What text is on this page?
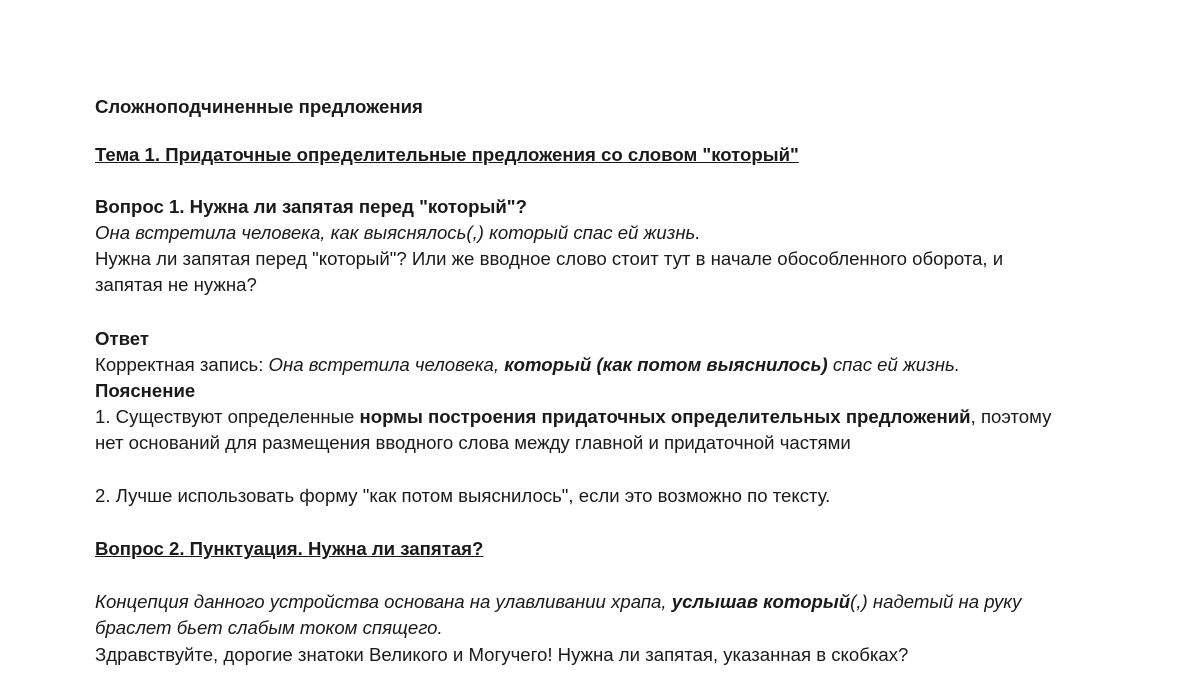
Сложноподчиненные предложения
Тема 1. Придаточные определительные предложения со словом "который"
Вопрос 1. Нужна ли запятая перед "который"?
Она встретила человека, как выяснялось(,) который спас ей жизнь.
Нужна ли запятая перед "который"? Или же вводное слово стоит тут в начале обособленного оборота, и
запятая не нужна?
Ответ
Корректная запись: Она встретила человека, который (как потом выяснилось) спас ей жизнь.
Пояснение
1. Существуют определенные нормы построения придаточных определительных предложений, поэтому
нет оснований для размещения вводного слова между главной и придаточной частями
2. Лучше использовать форму "как потом выяснилось", если это возможно по тексту.
Вопрос 2. Пунктуация. Нужна ли запятая?
Концепция данного устройства основана на улавливании храпа, услышав который(,) надетый на руку
браслет бьет слабым током спящего.
Здравствуйте, дорогие знатоки Великого и Могучего! Нужна ли запятая, указанная в скобках?
